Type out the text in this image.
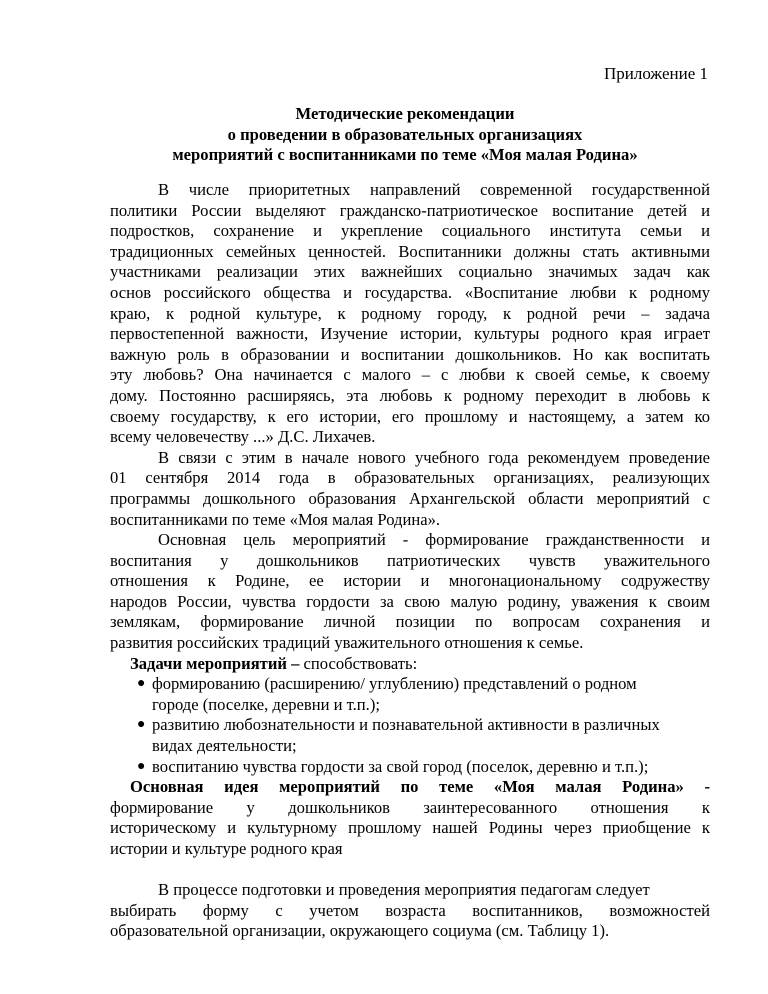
Приложение 1
Методические рекомендации
о проведении в образовательных организациях
мероприятий с воспитанниками по теме «Моя малая Родина»
В числе приоритетных направлений современной государственной
политики России выделяют гражданско-патриотическое воспитание детей и
подростков, сохранение и укрепление социального института семьи и
традиционных семейных ценностей. Воспитанники должны стать активными
участниками реализации этих важнейших социально значимых задач как
основ российского общества и государства. «Воспитание любви к родному
краю, к родной культуре, к родному городу, к родной речи – задача
первостепенной важности, Изучение истории, культуры родного края играет
важную роль в образовании и воспитании дошкольников. Но как воспитать
эту любовь? Она начинается с малого – с любви к своей семье, к своему
дому. Постоянно расширяясь, эта любовь к родному переходит в любовь к
своему государству, к его истории, его прошлому и настоящему, а затем ко
всему человечеству ...» Д.С. Лихачев.
В связи с этим в начале нового учебного года рекомендуем проведение
01 сентября 2014 года в образовательных организациях, реализующих
программы дошкольного образования Архангельской области мероприятий с
воспитанниками по теме «Моя малая Родина».
Основная цель мероприятий - формирование гражданственности и
воспитания у дошкольников патриотических чувств уважительного
отношения к Родине, ее истории и многонациональному содружеству
народов России, чувства гордости за свою малую родину, уважения к своим
землякам, формирование личной позиции по вопросам сохранения и
развития российских традиций уважительного отношения к семье.

Задачи мероприятий – способствовать:

● формированию (расширению/ углублению) представлений о родном
городе (поселке, деревни и т.п.);
● развитию любознательности и познавательной активности в различных
видах деятельности;
● воспитанию чувства гордости за свой город (поселок, деревню и т.п.);
Основная идея мероприятий по теме «Моя малая Родина» -
формирование у дошкольников заинтересованного отношения к
историческому и культурному прошлому нашей Родины через приобщение к
истории и культуре родного края
В процессе подготовки и проведения мероприятия педагогам следует
выбирать форму с учетом возраста воспитанников, возможностей
образовательной организации, окружающего социума (см. Таблицу 1).
